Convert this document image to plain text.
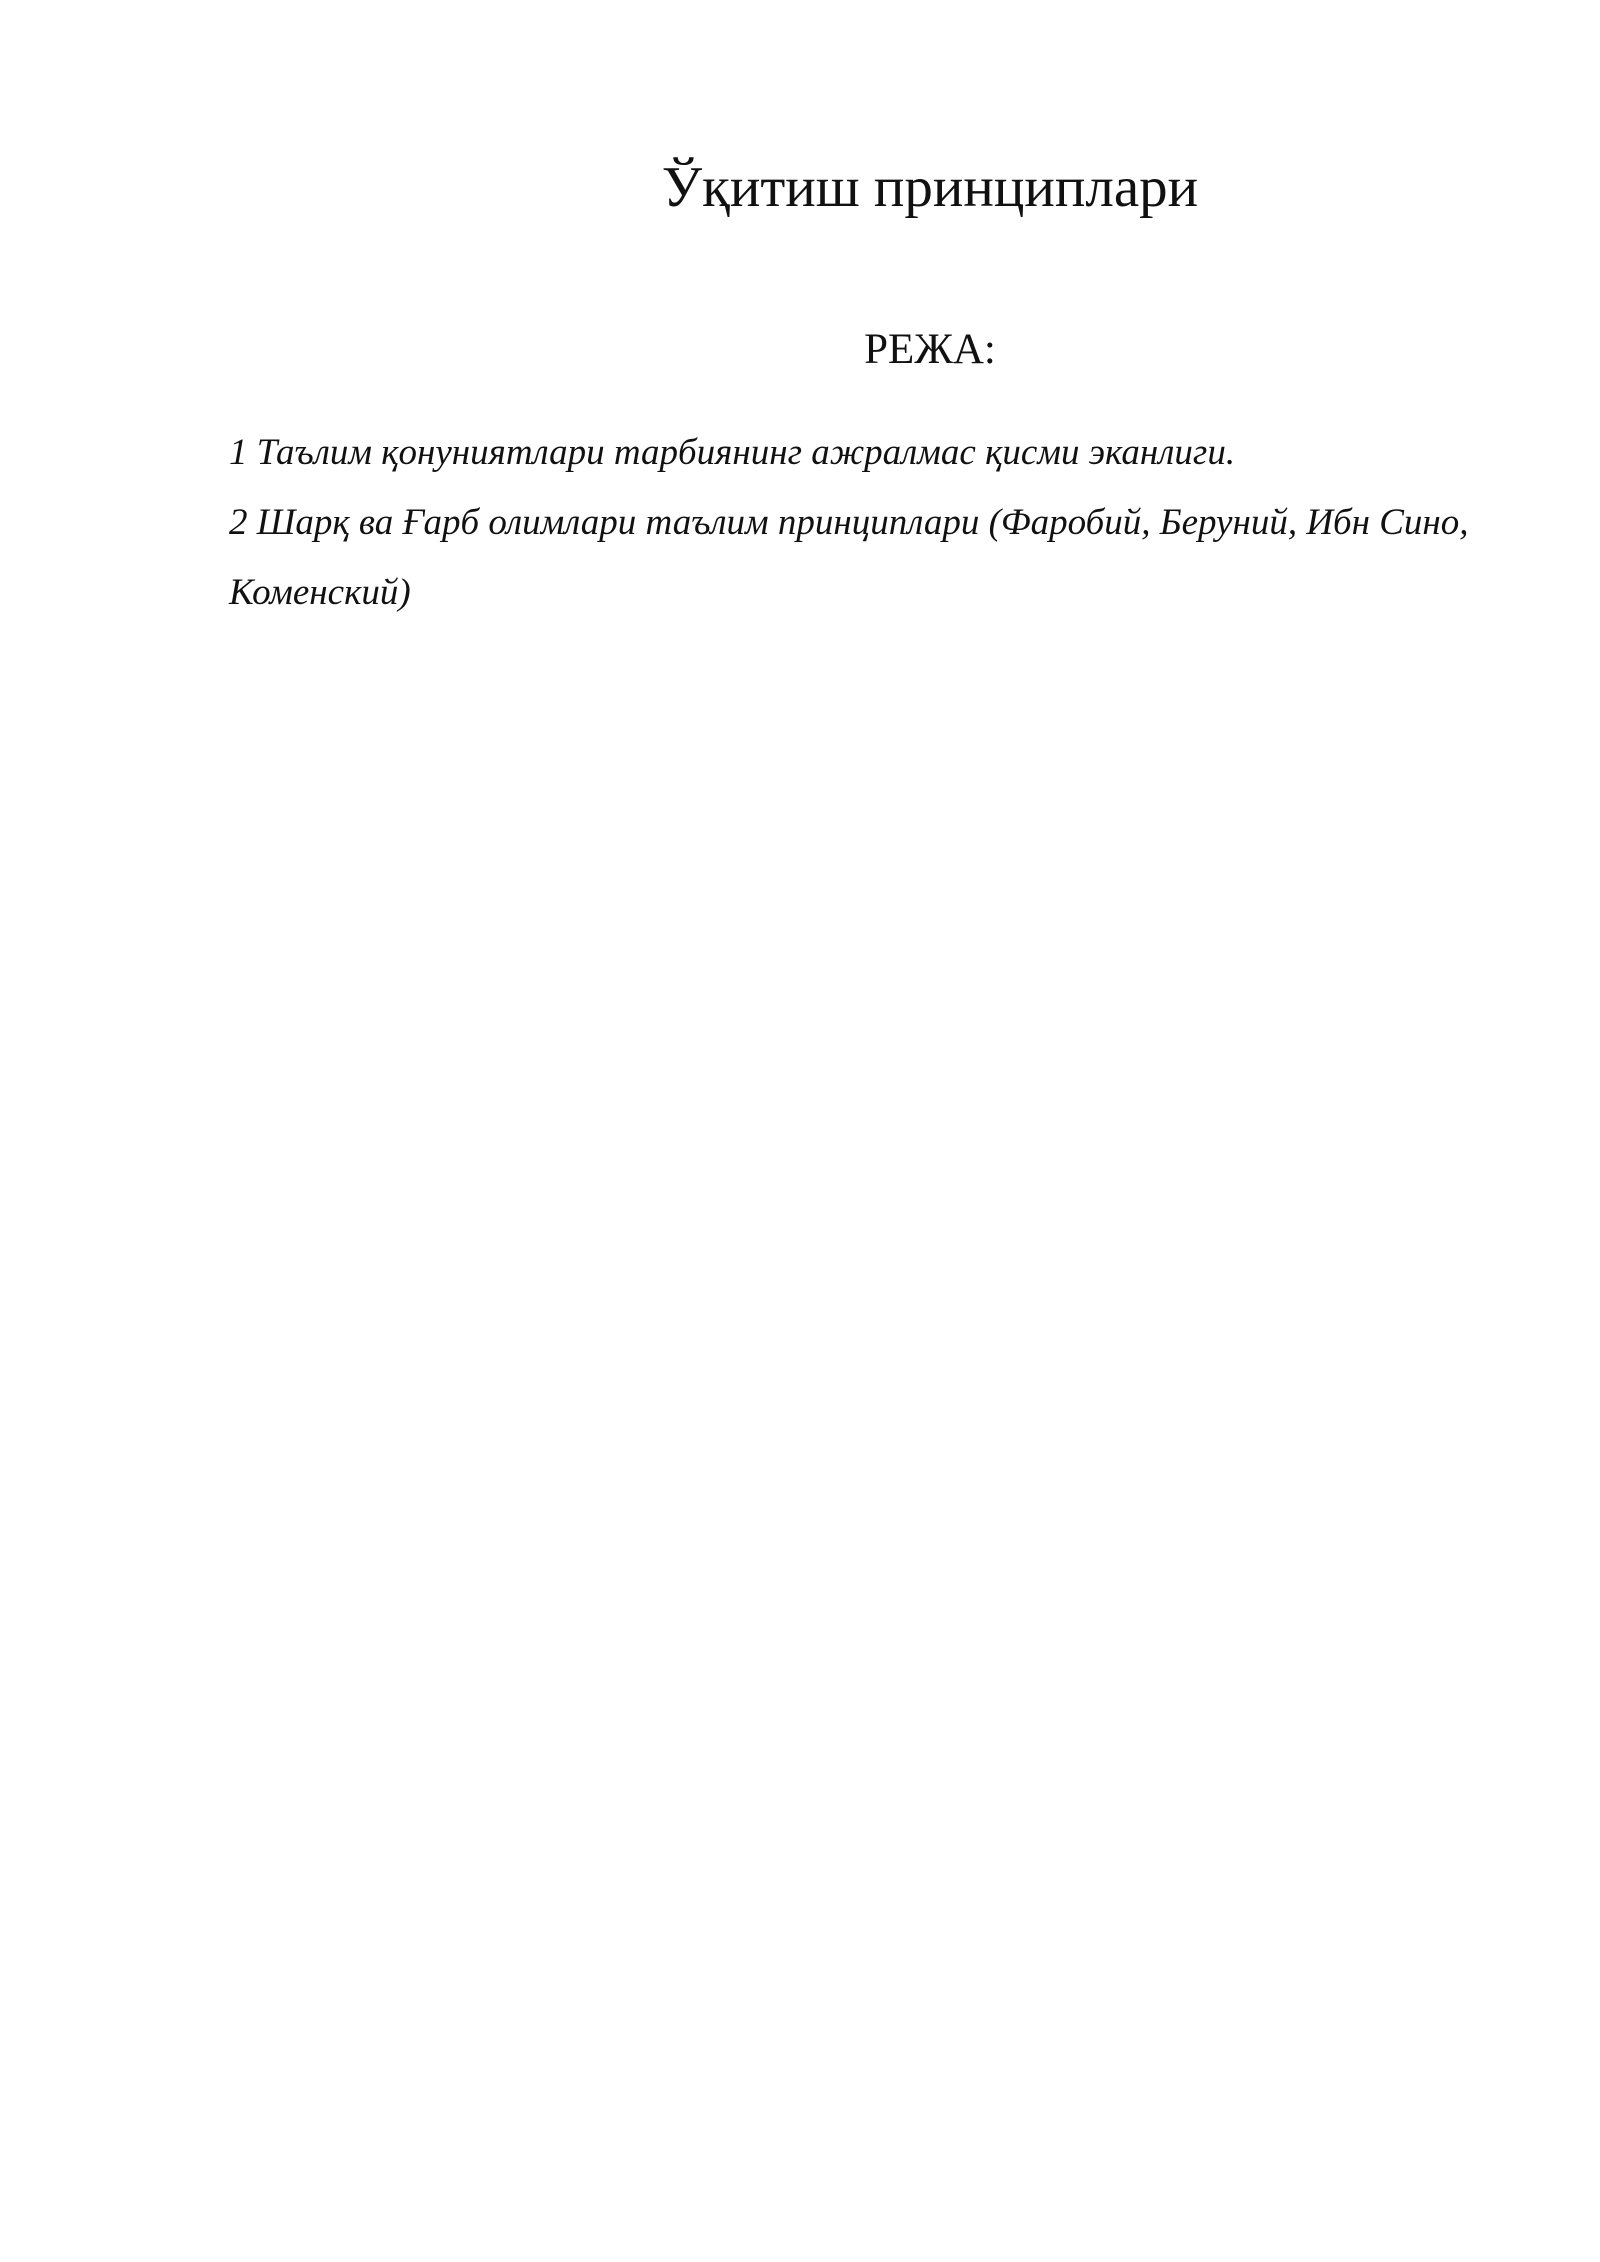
Ўқитиш принциплари
РЕЖА:
1 Таълим қонуниятлари тарбиянинг ажралмас қисми эканлиги.
2 Шарқ ва Ғарб олимлари таълим принциплари (Фаробий, Беруний, Ибн Сино, Коменский)
